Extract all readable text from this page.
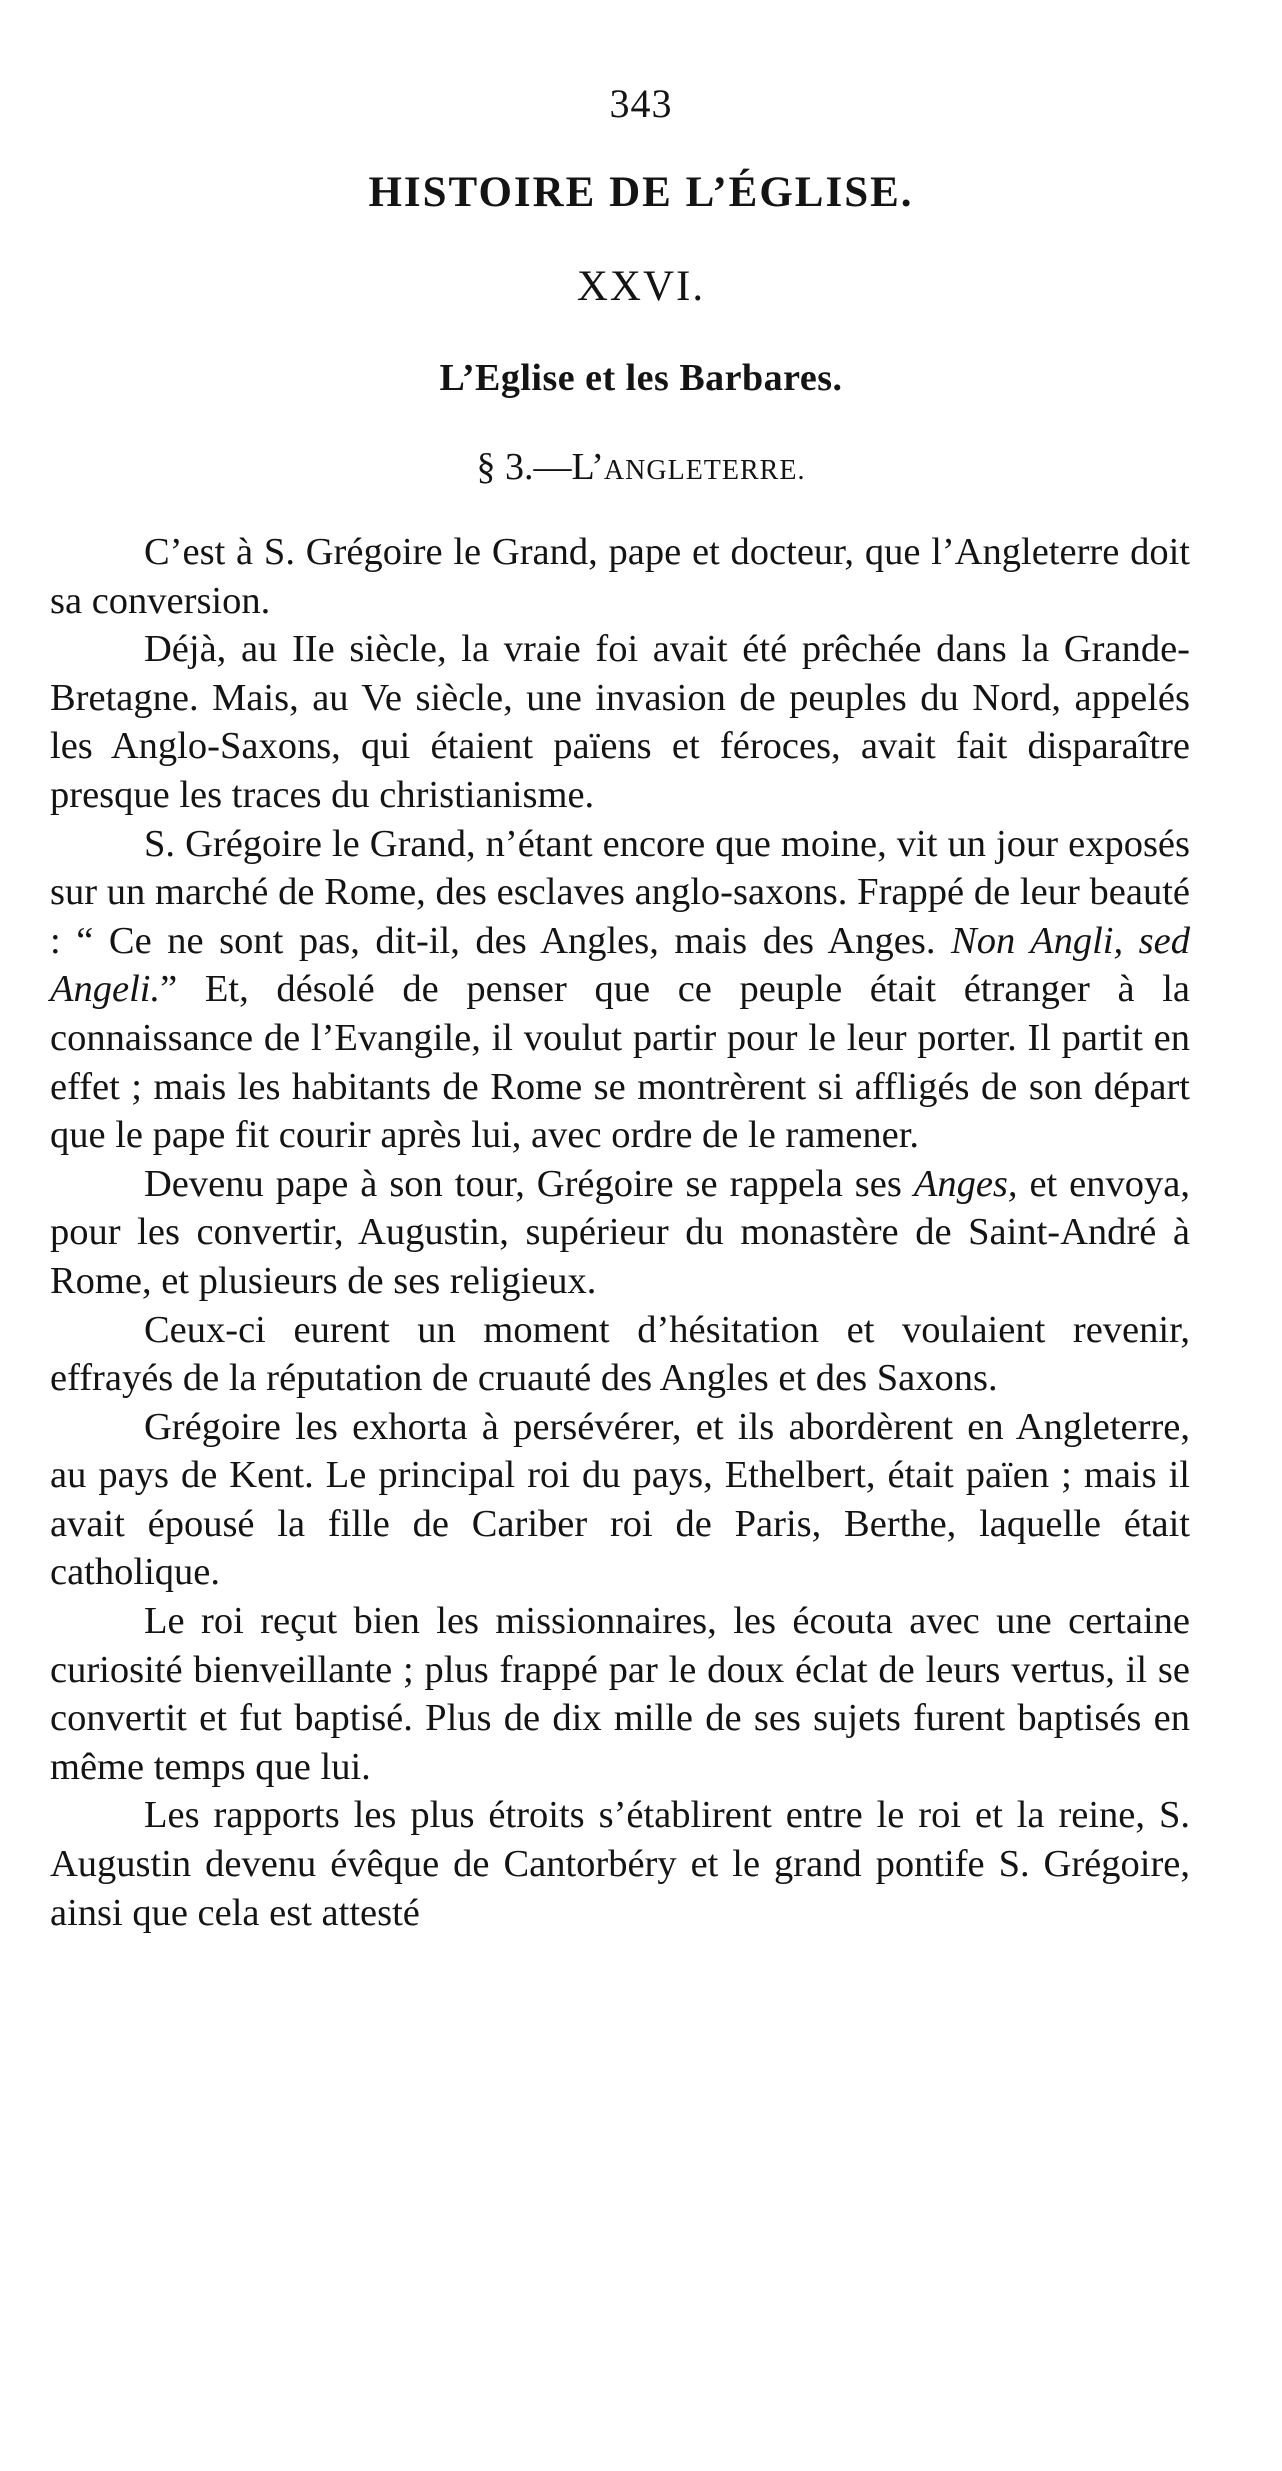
343
HISTOIRE DE L’ÉGLISE.
XXVI.
L’Eglise et les Barbares.
§ 3.—L’ANGLETERRE.

C’est à S. Grégoire le Grand, pape et docteur, que l’Angleterre doit sa conversion.

Déjà, au IIe siècle, la vraie foi avait été prêchée dans la Grande-Bretagne. Mais, au Ve siècle, une invasion de peuples du Nord, appelés les Anglo-Saxons, qui étaient païens et féroces, avait fait disparaître presque les traces du christianisme.

S. Grégoire le Grand, n’étant encore que moine, vit un jour exposés sur un marché de Rome, des esclaves anglo-saxons. Frappé de leur beauté : “ Ce ne sont pas, dit-il, des Angles, mais des Anges. Non Angli, sed Angeli.” Et, désolé de penser que ce peuple était étranger à la connaissance de l’Evangile, il voulut partir pour le leur porter. Il partit en effet ; mais les habitants de Rome se montrèrent si affligés de son départ que le pape fit courir après lui, avec ordre de le ramener.

Devenu pape à son tour, Grégoire se rappela ses Anges, et envoya, pour les convertir, Augustin, supérieur du monastère de Saint-André à Rome, et plusieurs de ses religieux.

Ceux-ci eurent un moment d’hésitation et voulaient revenir, effrayés de la réputation de cruauté des Angles et des Saxons.

Grégoire les exhorta à persévérer, et ils abordèrent en Angleterre, au pays de Kent. Le principal roi du pays, Ethelbert, était païen ; mais il avait épousé la fille de Cariber roi de Paris, Berthe, laquelle était catholique.

Le roi reçut bien les missionnaires, les écouta avec une certaine curiosité bienveillante ; plus frappé par le doux éclat de leurs vertus, il se convertit et fut baptisé. Plus de dix mille de ses sujets furent baptisés en même temps que lui.

Les rapports les plus étroits s’établirent entre le roi et la reine, S. Augustin devenu évêque de Cantorbéry et le grand pontife S. Grégoire, ainsi que cela est attesté
